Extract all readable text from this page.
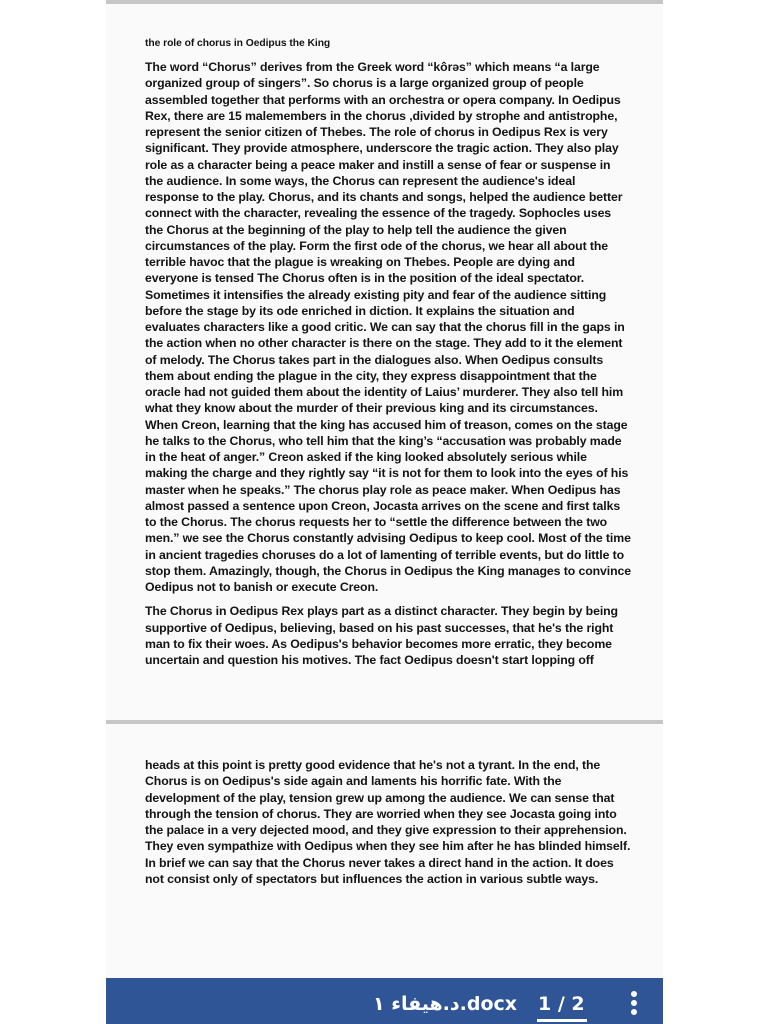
the role of chorus in Oedipus the King

The word “Chorus” derives from the Greek word “kôrəs” which means “a large organized group of singers”. So chorus is a large organized group of people assembled together that performs with an orchestra or opera company. In Oedipus Rex, there are 15 malemembers in the chorus ,divided by strophe and antistrophe, represent the senior citizen of Thebes. The role of chorus in Oedipus Rex is very significant. They provide atmosphere, underscore the tragic action. They also play role as a character being a peace maker and instill a sense of fear or suspense in the audience. In some ways, the Chorus can represent the audience's ideal response to the play. Chorus, and its chants and songs, helped the audience better connect with the character, revealing the essence of the tragedy. Sophocles uses the Chorus at the beginning of the play to help tell the audience the given circumstances of the play. Form the first ode of the chorus, we hear all about the terrible havoc that the plague is wreaking on Thebes. People are dying and everyone is tensed The Chorus often is in the position of the ideal spectator. Sometimes it intensifies the already existing pity and fear of the audience sitting before the stage by its ode enriched in diction. It explains the situation and evaluates characters like a good critic. We can say that the chorus fill in the gaps in the action when no other character is there on the stage. They add to it the element of melody. The Chorus takes part in the dialogues also. When Oedipus consults them about ending the plague in the city, they express disappointment that the oracle had not guided them about the identity of Laius’ murderer. They also tell him what they know about the murder of their previous king and its circumstances. When Creon, learning that the king has accused him of treason, comes on the stage he talks to the Chorus, who tell him that the king’s “accusation was probably made in the heat of anger.” Creon asked if the king looked absolutely serious while making the charge and they rightly say “it is not for them to look into the eyes of his master when he speaks.” The chorus play role as peace maker. When Oedipus has almost passed a sentence upon Creon, Jocasta arrives on the scene and first talks to the Chorus. The chorus requests her to “settle the difference between the two men.” we see the Chorus constantly advising Oedipus to keep cool. Most of the time in ancient tragedies choruses do a lot of lamenting of terrible events, but do little to stop them. Amazingly, though, the Chorus in Oedipus the King manages to convince Oedipus not to banish or execute Creon.

The Chorus in Oedipus Rex plays part as a distinct character. They begin by being supportive of Oedipus, believing, based on his past successes, that he's the right man to fix their woes. As Oedipus's behavior becomes more erratic, they become uncertain and question his motives. The fact Oedipus doesn't start lopping off

heads at this point is pretty good evidence that he's not a tyrant. In the end, the Chorus is on Oedipus's side again and laments his horrific fate. With the development of the play, tension grew up among the audience. We can sense that through the tension of chorus. They are worried when they see Jocasta going into the palace in a very dejected mood, and they give expression to their apprehension. They even sympathize with Oedipus when they see him after he has blinded himself. In brief we can say that the Chorus never takes a direct hand in the action. It does not consist only of spectators but influences the action in various subtle ways.

د.هيفاء ١.docx 1 / 2
